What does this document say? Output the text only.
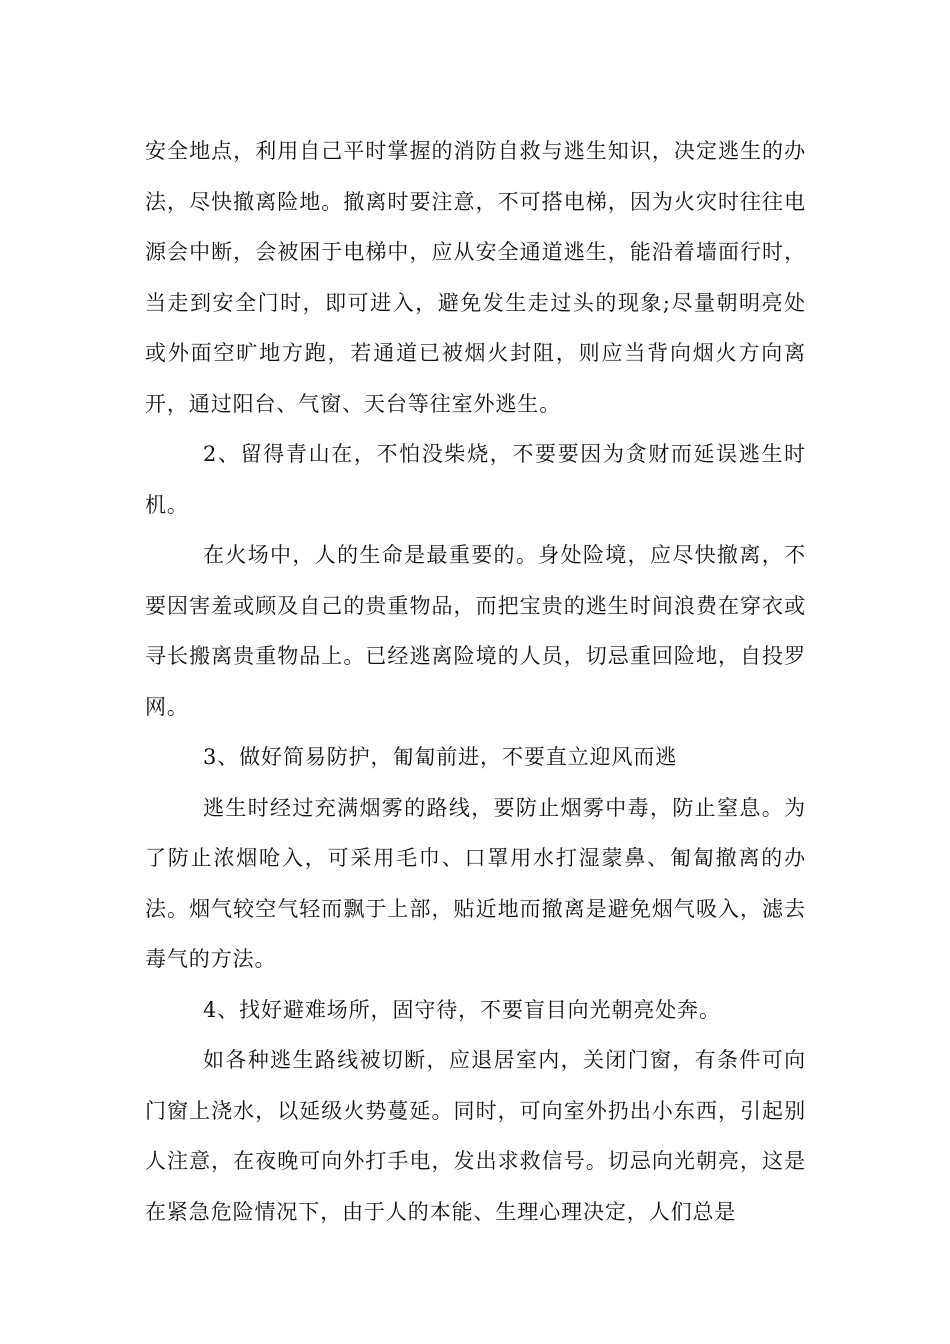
安全地点，利用自己平时掌握的消防自救与逃生知识，决定逃生的办法，尽快撤离险地。撤离时要注意，不可搭电梯，因为火灾时往往电源会中断，会被困于电梯中，应从安全通道逃生，能沿着墙面行时，当走到安全门时，即可进入，避免发生走过头的现象;尽量朝明亮处或外面空旷地方跑，若通道已被烟火封阻，则应当背向烟火方向离开，通过阳台、气窗、天台等往室外逃生。

2、留得青山在，不怕没柴烧，不要要因为贪财而延误逃生时机。

在火场中，人的生命是最重要的。身处险境，应尽快撤离，不要因害羞或顾及自己的贵重物品，而把宝贵的逃生时间浪费在穿衣或寻长搬离贵重物品上。已经逃离险境的人员，切忌重回险地，自投罗网。

3、做好简易防护，匍匐前进，不要直立迎风而逃

逃生时经过充满烟雾的路线，要防止烟雾中毒，防止窒息。为了防止浓烟呛入，可采用毛巾、口罩用水打湿蒙鼻、匍匐撤离的办法。烟气较空气轻而飘于上部，贴近地而撤离是避免烟气吸入，滤去毒气的方法。

4、找好避难场所，固守待，不要盲目向光朝亮处奔。

如各种逃生路线被切断，应退居室内，关闭门窗，有条件可向门窗上浇水，以延级火势蔓延。同时，可向室外扔出小东西，引起别人注意，在夜晚可向外打手电，发出求救信号。切忌向光朝亮，这是在紧急危险情况下，由于人的本能、生理心理决定，人们总是
